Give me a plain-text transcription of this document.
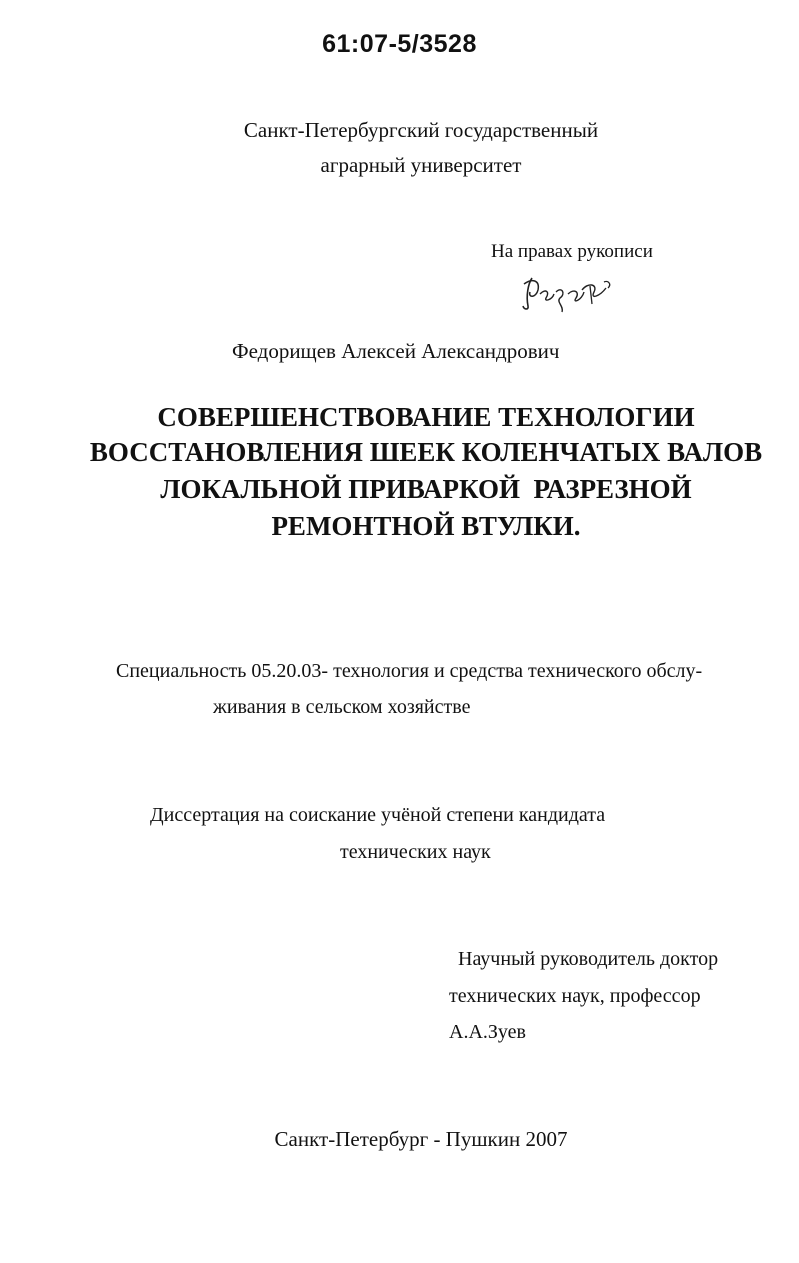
61:07-5/3528
Санкт-Петербургский государственный
аграрный университет
На правах рукописи
Федорищев Алексей Александрович
СОВЕРШЕНСТВОВАНИЕ ТЕХНОЛОГИИ
ВОССТАНОВЛЕНИЯ ШЕЕК КОЛЕНЧАТЫХ ВАЛОВ
ЛОКАЛЬНОЙ ПРИВАРКОЙ  РАЗРЕЗНОЙ
РЕМОНТНОЙ ВТУЛКИ.
Специальность 05.20.03- технология и средства технического обслу-
живания в сельском хозяйстве
Диссертация на соискание учёной степени кандидата
технических наук
Научный руководитель доктор
технических наук, профессор
А.А.Зуев
Санкт-Петербург - Пушкин 2007
